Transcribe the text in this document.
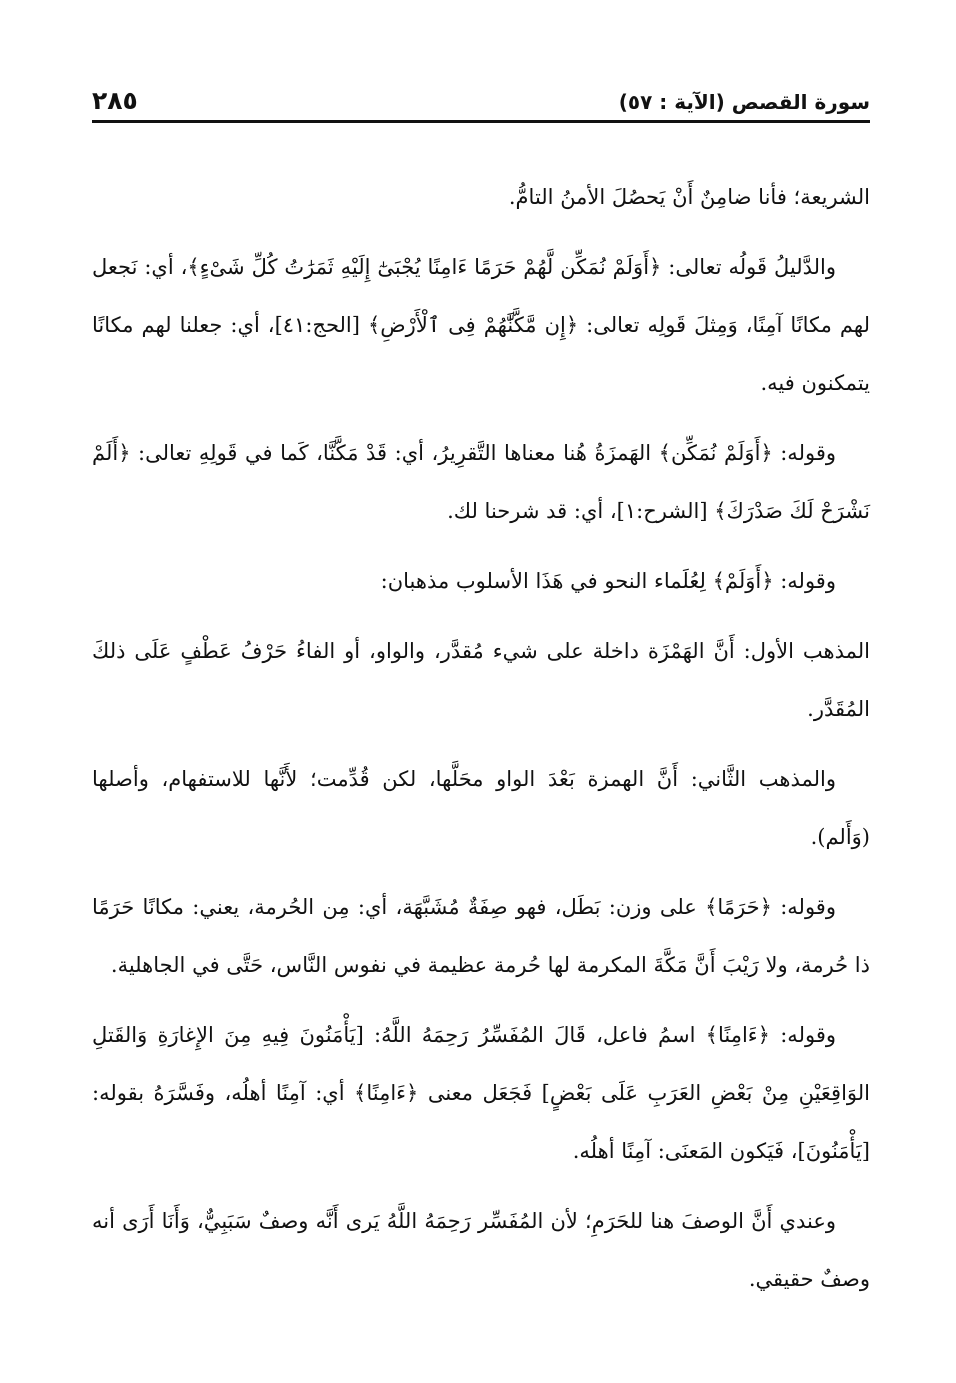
سورة القصص (الآية : ٥٧)
٢٨٥

الشريعة؛ فأنا ضامِنٌ أَنْ يَحصُلَ الأمنُ التامُّ.

والدَّليلُ قَولُه تعالى: ﴿أَوَلَمْ نُمَكِّن لَّهُمْ حَرَمًا ءَامِنًا يُجْبَىٰٓ إِلَيْهِ ثَمَرَٰتُ كُلِّ شَىْءٍ﴾، أي: نَجعل لهم مكانًا آمِنًا، وَمِثلَ قَولِه تعالى: ﴿إِن مَّكَّنَّٰهُمْ فِى ٱلْأَرْضِ﴾ [الحج:٤١]، أي: جعلنا لهم مكانًا يتمكنون فيه.

وقوله: ﴿أَوَلَمْ نُمَكِّن﴾ الهَمزَةُ هُنا معناها التَّقرِيرُ، أي: قَدْ مَكَّنَّا، كَما في قَولِهِ تعالى: ﴿أَلَمْ نَشْرَحْ لَكَ صَدْرَكَ﴾ [الشرح:١]، أي: قد شرحنا لك.

وقوله: ﴿أَوَلَمْ﴾ لِعُلَماء النحو في هَذَا الأسلوب مذهبان:

المذهب الأول: أَنَّ الهَمْزَة داخلة على شيء مُقدَّر، والواو، أو الفاءُ حَرْفُ عَطْفٍ عَلَى ذلكَ المُقَدَّر.

والمذهب الثَّاني: أَنَّ الهمزة بَعْدَ الواو محَلَّها، لكن قُدِّمت؛ لأَنَّها للاستفهام، وأصلها (وَأَلم).

وقوله: ﴿حَرَمًا﴾ على وزن: بَطَل، فهو صِفَةٌ مُشَبَّهَة، أي: مِن الحُرمة، يعني: مكانًا حَرَمًا ذا حُرمة، ولا رَيْبَ أَنَّ مَكَّةَ المكرمة لها حُرمة عظيمة في نفوس النَّاس، حَتَّى في الجاهلية.

وقوله: ﴿ءَامِنًا﴾ اسمُ فاعل، قَالَ المُفَسِّرُ رَحِمَهُ اللَّهُ: [يَأْمَنُونَ فِيهِ مِنَ الإِغارَةِ وَالقَتلِ الوَاقِعَيْنِ مِنْ بَعْضِ العَرَبِ عَلَى بَعْضٍ] فَجَعَل معنى ﴿ءَامِنًا﴾ أي: آمِنًا أهلُه، وفَسَّرَهُ بقوله: [يَأْمَنُونَ]، فَيَكون المَعنَى: آمِنًا أهلُه.

وعندي أَنَّ الوصفَ هنا للحَرَمِ؛ لأن المُفَسِّر رَحِمَهُ اللَّهُ يَرى أَنَّه وصفٌ سَبَبِيٌّ، وَأَنَا أَرَى أنه وصفٌ حقيقي.
